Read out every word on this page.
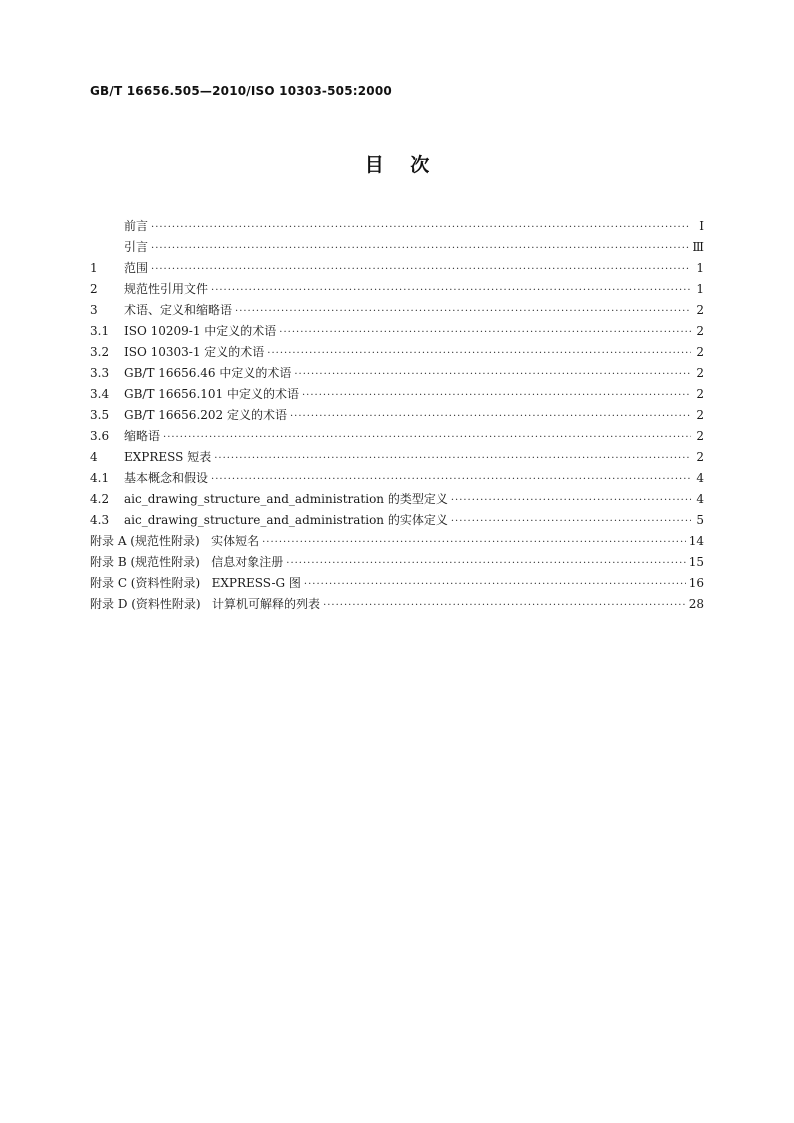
GB/T 16656.505—2010/ISO 10303-505:2000
目    次
前言 ·····	Ⅰ
引言 ·····	Ⅲ
1	范围 ·····	1
2	规范性引用文件 ·····	1
3	术语、定义和缩略语 ·····	2
3.1	ISO 10209-1 中定义的术语 ·····	2
3.2	ISO 10303-1 定义的术语 ·····	2
3.3	GB/T 16656.46 中定义的术语 ·····	2
3.4	GB/T 16656.101 中定义的术语 ·····	2
3.5	GB/T 16656.202 定义的术语 ·····	2
3.6	缩略语 ·····	2
4	EXPRESS 短表 ·····	2
4.1	基本概念和假设 ·····	4
4.2	aic_drawing_structure_and_administration 的类型定义 ·····	4
4.3	aic_drawing_structure_and_administration 的实体定义 ·····	5
附录 A (规范性附录)   实体短名 ·····	14
附录 B (规范性附录)   信息对象注册 ·····	15
附录 C (资料性附录)   EXPRESS-G 图 ·····	16
附录 D (资料性附录)   计算机可解释的列表 ·····	28
